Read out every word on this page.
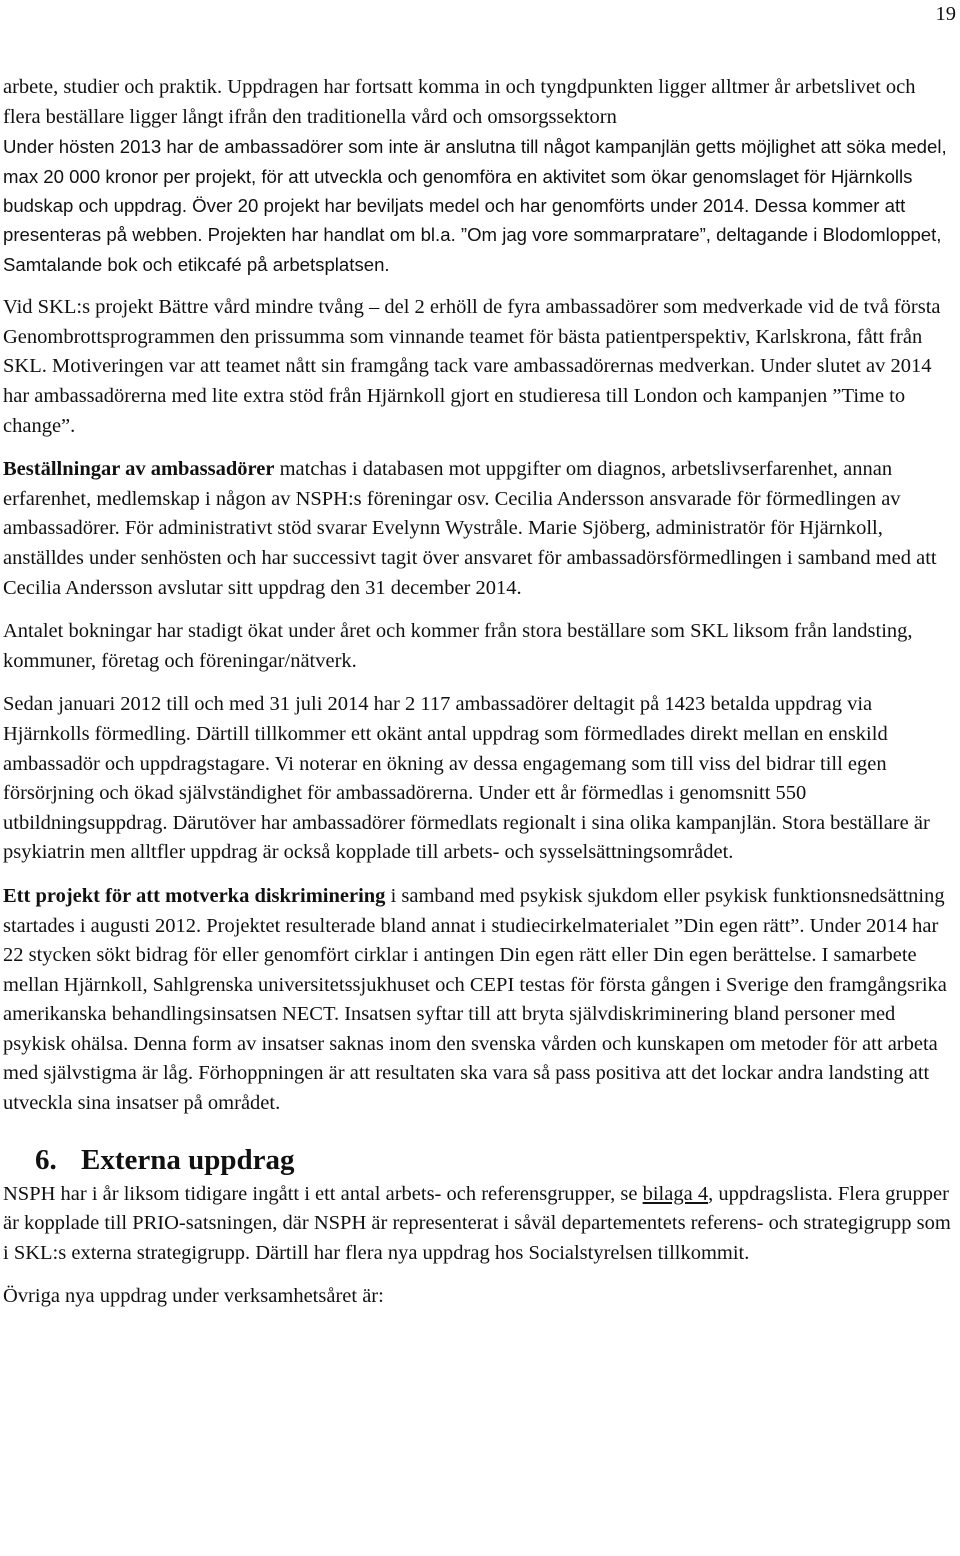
19

arbete, studier och praktik. Uppdragen har fortsatt komma in och tyngdpunkten ligger alltmer år arbetslivet och flera beställare ligger långt ifrån den traditionella vård och omsorgssektorn

Under hösten 2013 har de ambassadörer som inte är anslutna till något kampanjlän getts möjlighet att söka medel, max 20 000 kronor per projekt, för att utveckla och genomföra en aktivitet som ökar genomslaget för Hjärnkolls budskap och uppdrag. Över 20 projekt har beviljats medel och har genomförts under 2014. Dessa kommer att presenteras på webben. Projekten har handlat om bl.a. ”Om jag vore sommarpratare”, deltagande i Blodomloppet, Samtalande bok och etikcafé på arbetsplatsen.

Vid SKL:s projekt Bättre vård mindre tvång – del 2 erhöll de fyra ambassadörer som medverkade vid de två första Genombrottsprogrammen den prissumma som vinnande teamet för bästa patientperspektiv, Karlskrona, fått från SKL. Motiveringen var att teamet nått sin framgång tack vare ambassadörernas medverkan. Under slutet av 2014 har ambassadörerna med lite extra stöd från Hjärnkoll gjort en studieresa till London och kampanjen ”Time to change”.

Beställningar av ambassadörer matchas i databasen mot uppgifter om diagnos, arbetslivserfarenhet, annan erfarenhet, medlemskap i någon av NSPH:s föreningar osv. Cecilia Andersson ansvarade för förmedlingen av ambassadörer. För administrativt stöd svarar Evelynn Wystråle. Marie Sjöberg, administratör för Hjärnkoll, anställdes under senhösten och har successivt tagit över ansvaret för ambassadörsförmedlingen i samband med att Cecilia Andersson avslutar sitt uppdrag den 31 december 2014.

Antalet bokningar har stadigt ökat under året och kommer från stora beställare som SKL liksom från landsting, kommuner, företag och föreningar/nätverk.

Sedan januari 2012 till och med 31 juli 2014 har 2 117 ambassadörer deltagit på 1423 betalda uppdrag via Hjärnkolls förmedling. Därtill tillkommer ett okänt antal uppdrag som förmedlades direkt mellan en enskild ambassadör och uppdragstagare. Vi noterar en ökning av dessa engagemang som till viss del bidrar till egen försörjning och ökad självständighet för ambassadörerna. Under ett år förmedlas i genomsnitt 550 utbildningsuppdrag. Därutöver har ambassadörer förmedlats regionalt i sina olika kampanjlän. Stora beställare är psykiatrin men alltfler uppdrag är också kopplade till arbets- och sysselsättningsområdet.

Ett projekt för att motverka diskriminering i samband med psykisk sjukdom eller psykisk funktionsnedsättning startades i augusti 2012. Projektet resulterade bland annat i studiecirkelmaterialet ”Din egen rätt”. Under 2014 har 22 stycken sökt bidrag för eller genomfört cirklar i antingen Din egen rätt eller Din egen berättelse. I samarbete mellan Hjärnkoll, Sahlgrenska universitetssjukhuset och CEPI testas för första gången i Sverige den framgångsrika amerikanska behandlingsinsatsen NECT. Insatsen syftar till att bryta självdiskriminering bland personer med psykisk ohälsa. Denna form av insatser saknas inom den svenska vården och kunskapen om metoder för att arbeta med självstigma är låg. Förhoppningen är att resultaten ska vara så pass positiva att det lockar andra landsting att utveckla sina insatser på området.

6. Externa uppdrag

NSPH har i år liksom tidigare ingått i ett antal arbets- och referensgrupper, se bilaga 4, uppdragslista. Flera grupper är kopplade till PRIO-satsningen, där NSPH är representerat i såväl departementets referens- och strategigrupp som i SKL:s externa strategigrupp. Därtill har flera nya uppdrag hos Socialstyrelsen tillkommit.

Övriga nya uppdrag under verksamhetsåret är:
